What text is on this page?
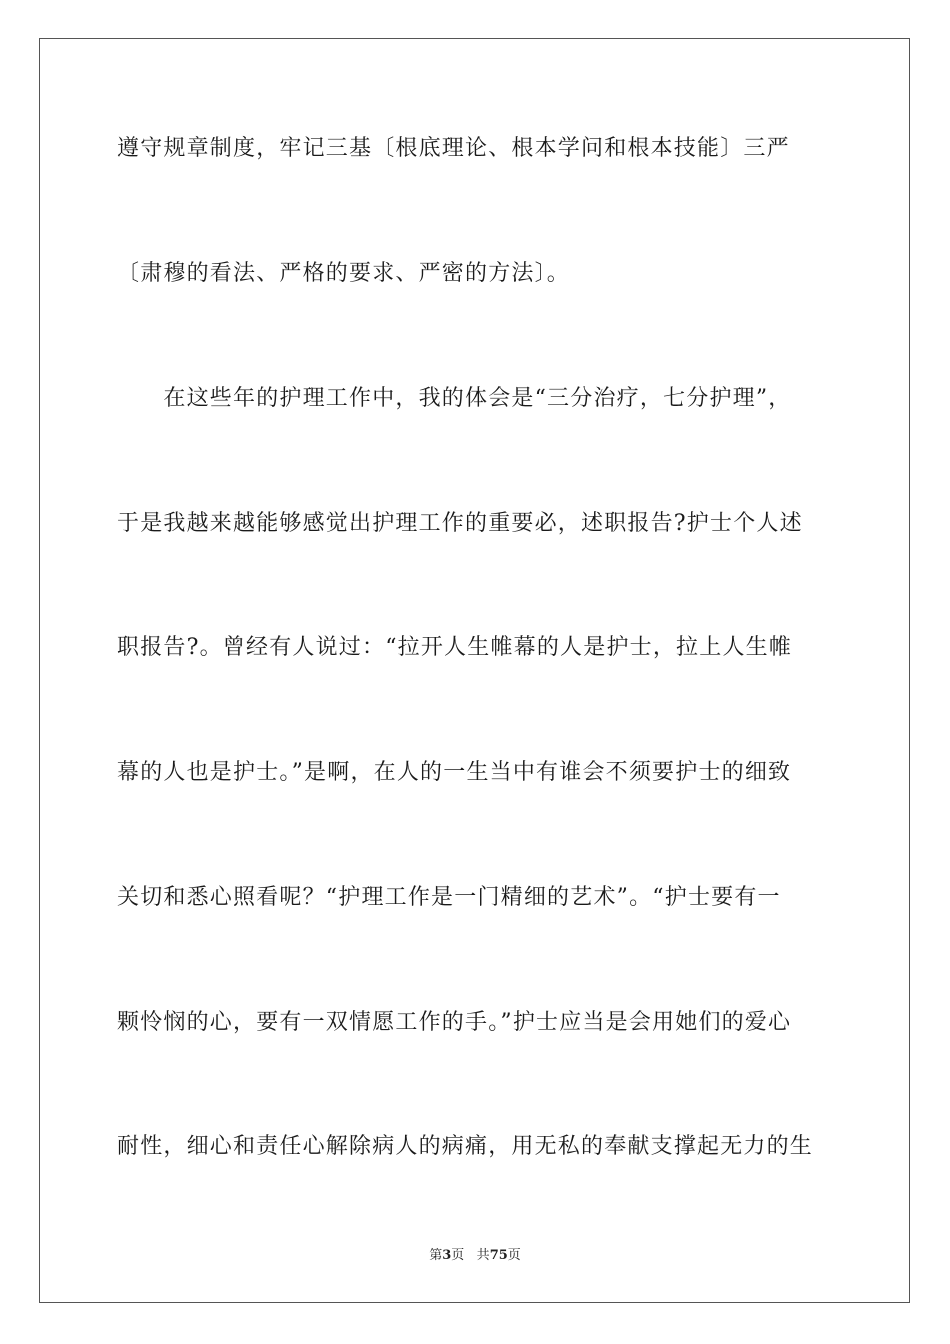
遵守规章制度，牢记三基〔根底理论、根本学问和根本技能〕三严
〔肃穆的看法、严格的要求、严密的方法〕。
　　在这些年的护理工作中，我的体会是“三分治疗，七分护理”，
于是我越来越能够感觉出护理工作的重要必，述职报告?护士个人述
职报告?。曾经有人说过：“拉开人生帷幕的人是护士，拉上人生帷
幕的人也是护士。”是啊，在人的一生当中有谁会不须要护士的细致
关切和悉心照看呢？“护理工作是一门精细的艺术”。“护士要有一
颗怜悯的心，要有一双情愿工作的手。”护士应当是会用她们的爱心
耐性，细心和责任心解除病人的病痛，用无私的奉献支撑起无力的生
第3页 共75页
